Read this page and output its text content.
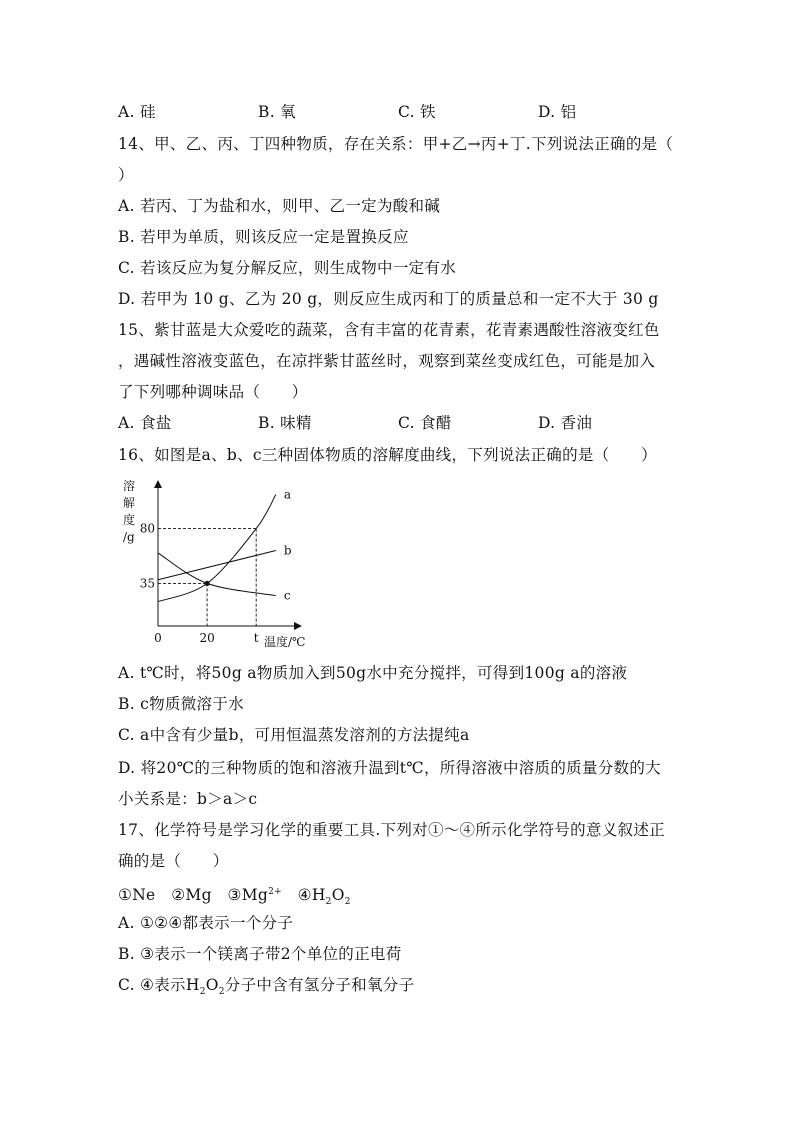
A. 硅	B. 氧	C. 铁	D. 铝
14、甲、乙、丙、丁四种物质，存在关系：甲+乙→丙+丁.下列说法正确的是（
）
A. 若丙、丁为盐和水，则甲、乙一定为酸和碱
B. 若甲为单质，则该反应一定是置换反应
C. 若该反应为复分解反应，则生成物中一定有水
D. 若甲为 10 g、乙为 20 g，则反应生成丙和丁的质量总和一定不大于 30 g
15、紫甘蓝是大众爱吃的蔬菜，含有丰富的花青素，花青素遇酸性溶液变红色
，遇碱性溶液变蓝色，在凉拌紫甘蓝丝时，观察到菜丝变成红色，可能是加入
了下列哪种调味品（　　）
A. 食盐	B. 味精	C. 食醋	D. 香油
16、如图是a、b、c三种固体物质的溶解度曲线，下列说法正确的是（　　）
溶
解
度
/g
温度/℃
a
b
c
0	20	t
35
80
A. t℃时，将50g a物质加入到50g水中充分搅拌，可得到100g a的溶液
B. c物质微溶于水
C. a中含有少量b，可用恒温蒸发溶剂的方法提纯a
D. 将20℃的三种物质的饱和溶液升温到t℃，所得溶液中溶质的质量分数的大
小关系是：b＞a＞c
17、化学符号是学习化学的重要工具.下列对①～④所示化学符号的意义叙述正
确的是（　　）
①Ne ②Mg $③Mg^{2+}$ $④H_2O_2$
A. ①②④都表示一个分子
B. ③表示一个镁离子带2个单位的正电荷
C. ④表示$H_2O_2$分子中含有氢分子和氧分子
